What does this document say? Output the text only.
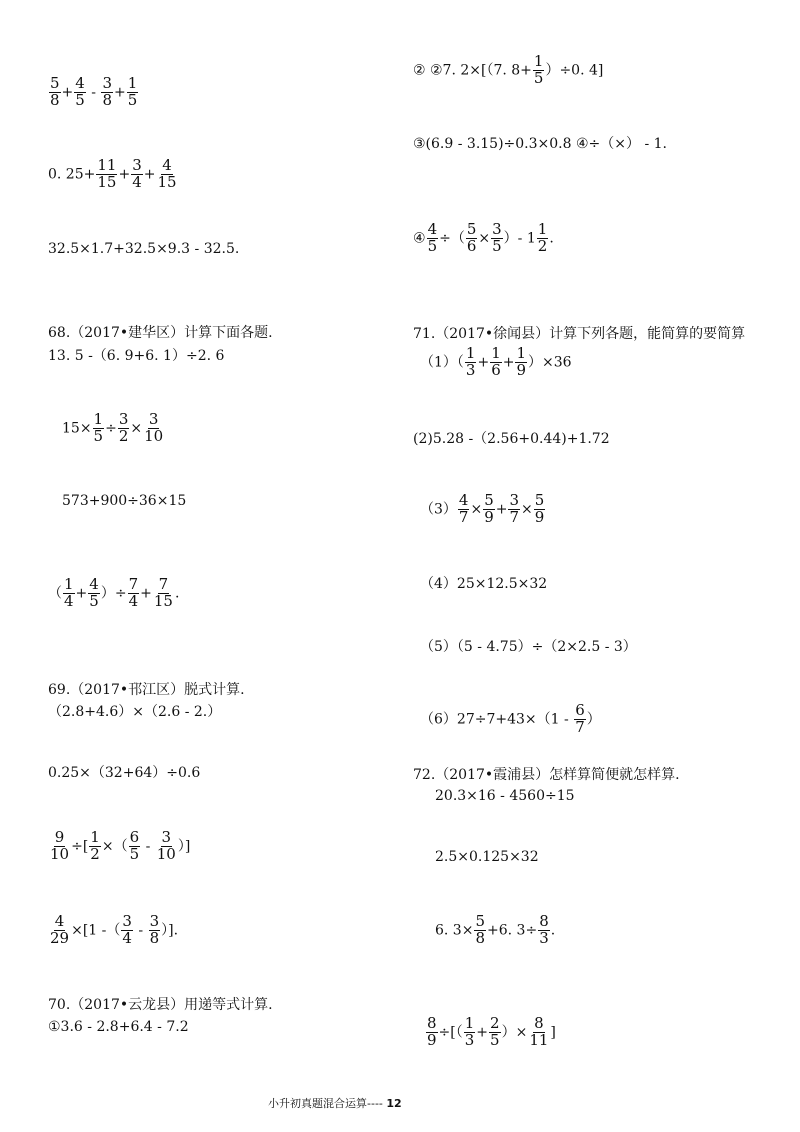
$\frac{5}{8} + \frac{4}{5} - \frac{3}{8} + \frac{1}{5}$
0. $25+ \frac{11}{15} + \frac{3}{4} + \frac{4}{15}$
32.5×1.7+32.5×9.3 - 32.5.
68.（2017•建华区）计算下面各题.
13. 5 -（6. 9+6. 1）÷2. 6
$15\times \frac{1}{5} \div \frac{3}{2} \times \frac{3}{10}$
573+900÷36×15
（ $\frac{1}{4} + \frac{4}{5}$ ）÷ $\frac{7}{4} + \frac{7}{15}$ .
69.（2017•邗江区）脱式计算.
（2.8+4.6）×（2.6 - 2.）
0.25×（32+64）÷0.6
$\frac{9}{10}$ ÷[ $\frac{1}{2}$ ×（ $\frac{6}{5} - \frac{3}{10}$ ）]
$\frac{4}{29} \times[1$ -（ $\frac{3}{4} - \frac{3}{8}$ ）].
70.（2017•云龙县）用递等式计算.
①3.6 - 2.8+6.4 - 7.2
② ②7. 2×[（7. $8+ \frac{1}{5} )\div 0$. 4]
③(6.9 - 3.15)÷0.3×0.8 ④÷（×） - 1.
④ $\frac{4}{5}$ ÷（ $\frac{5}{6} \times \frac{3}{5}$ ）- $1 \frac{1}{2}$ .
71.（2017•徐闻县）计算下列各题，能简算的要简算
$(1)( \frac{1}{3} + \frac{1}{6} + \frac{1}{9} )\times 36$
(2)5.28 -（2.56+0.44)+1.72
$(3) \frac{4}{7} \times \frac{5}{9} + \frac{3}{7} \times \frac{5}{9}$
（4）25×12.5×32
（5）（5 - 4.75）÷（2×2.5 - 3）
$(6)27\div 7+43\times(1 - \frac{6}{7}$ ）
72.（2017•霞浦县）怎样算简便就怎样算.
20.3×16 - 4560÷15
2.5×0.125×32
6. $3\times \frac{5}{8} +6$. $3\div \frac{8}{3}$ .
$\frac{8}{9}$ ÷[（ $\frac{1}{3} + \frac{2}{5}$ ）× $\frac{8}{11}$ ]
小升初真题混合运算---- 12
